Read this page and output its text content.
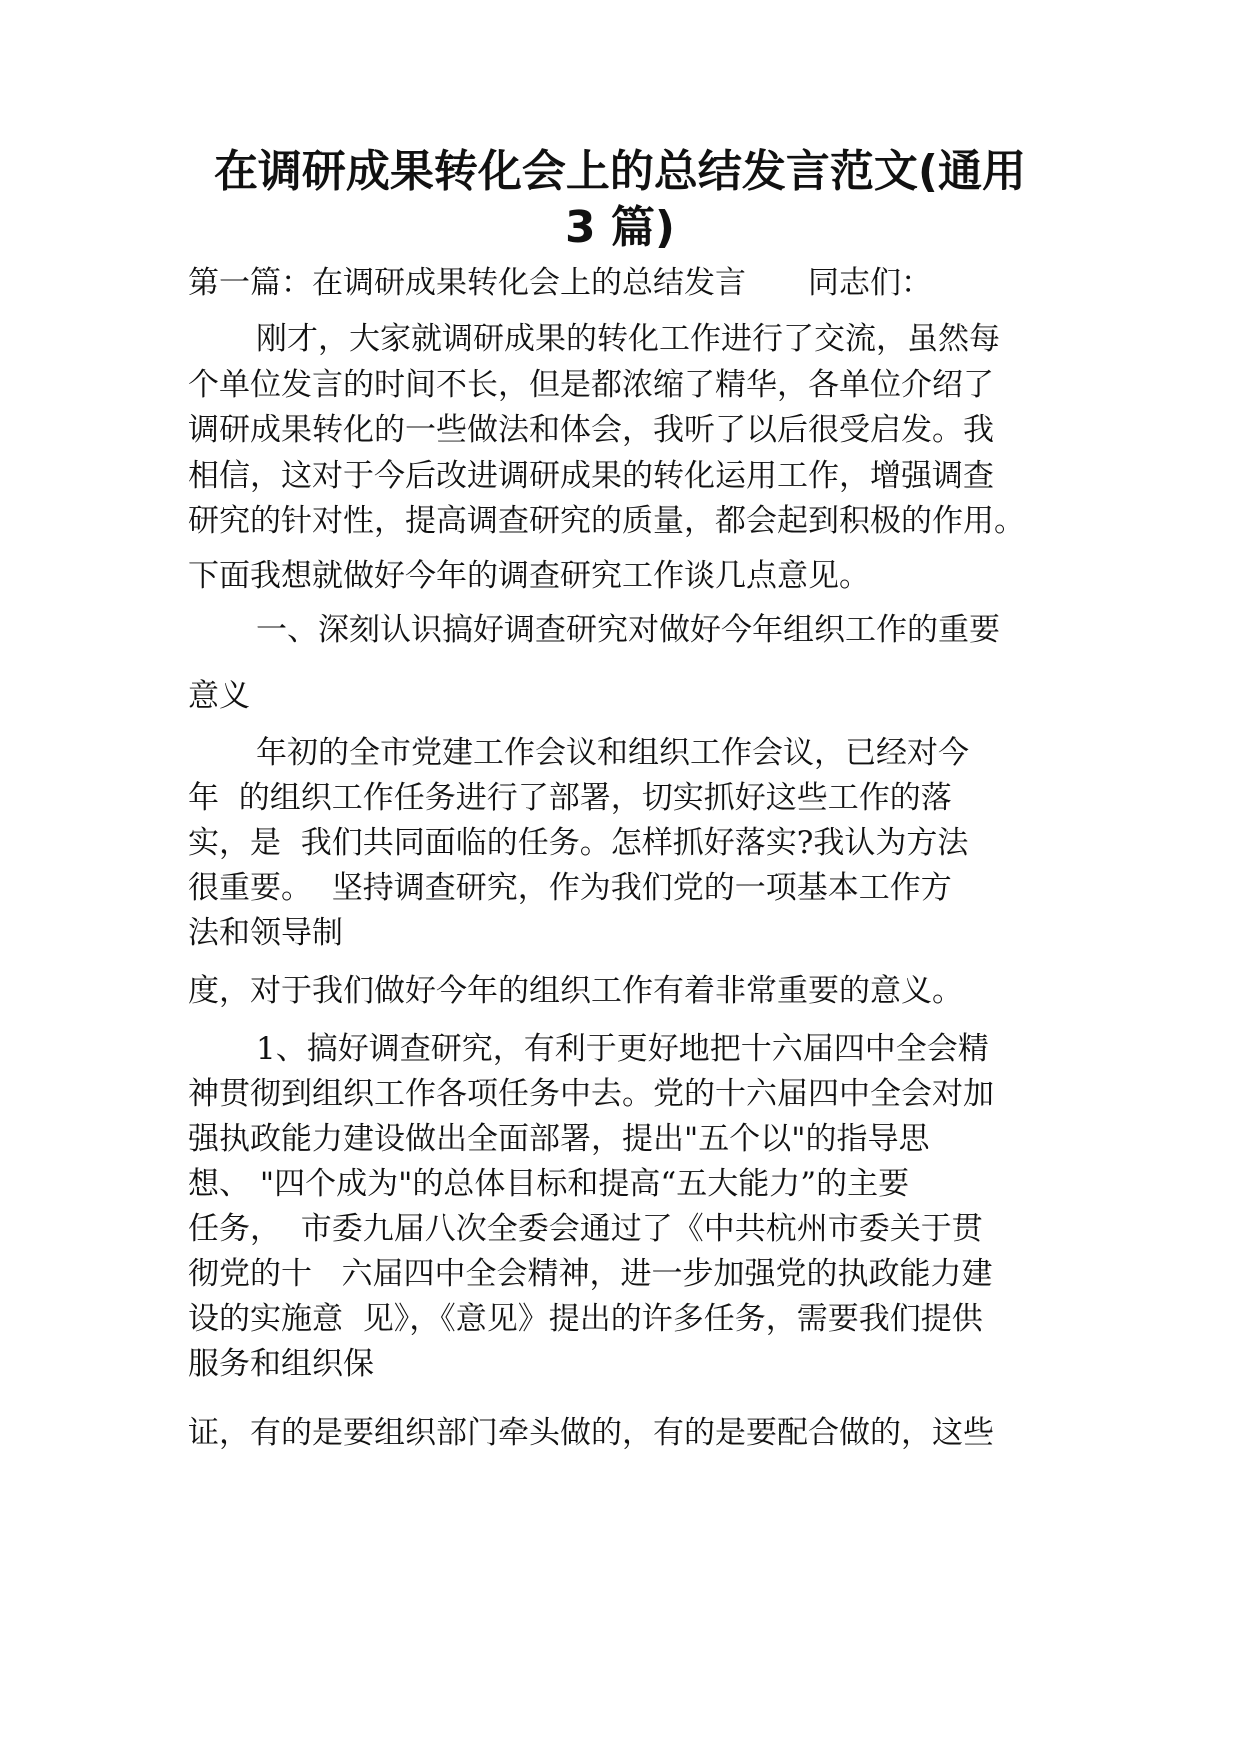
在调研成果转化会上的总结发言范文(通用
3 篇)
第一篇：在调研成果转化会上的总结发言　　同志们：
刚才，大家就调研成果的转化工作进行了交流，虽然每
个单位发言的时间不长，但是都浓缩了精华，各单位介绍了
调研成果转化的一些做法和体会，我听了以后很受启发。我
相信，这对于今后改进调研成果的转化运用工作，增强调查
研究的针对性，提高调查研究的质量，都会起到积极的作用。
下面我想就做好今年的调查研究工作谈几点意见。
一、深刻认识搞好调查研究对做好今年组织工作的重要
意义
年初的全市党建工作会议和组织工作会议，已经对今
年  的组织工作任务进行了部署，切实抓好这些工作的落
实，是  我们共同面临的任务。怎样抓好落实?我认为方法
很重要。  坚持调查研究，作为我们党的一项基本工作方
法和领导制
度，对于我们做好今年的组织工作有着非常重要的意义。
1、搞好调查研究，有利于更好地把十六届四中全会精
神贯彻到组织工作各项任务中去。党的十六届四中全会对加
强执政能力建设做出全面部署，提出"五个以"的指导思
想、 "四个成为"的总体目标和提高“五大能力”的主要
任务，  市委九届八次全委会通过了《中共杭州市委关于贯
彻党的十   六届四中全会精神，进一步加强党的执政能力建
设的实施意  见》，《意见》提出的许多任务，需要我们提供
服务和组织保
证，有的是要组织部门牵头做的，有的是要配合做的，这些
